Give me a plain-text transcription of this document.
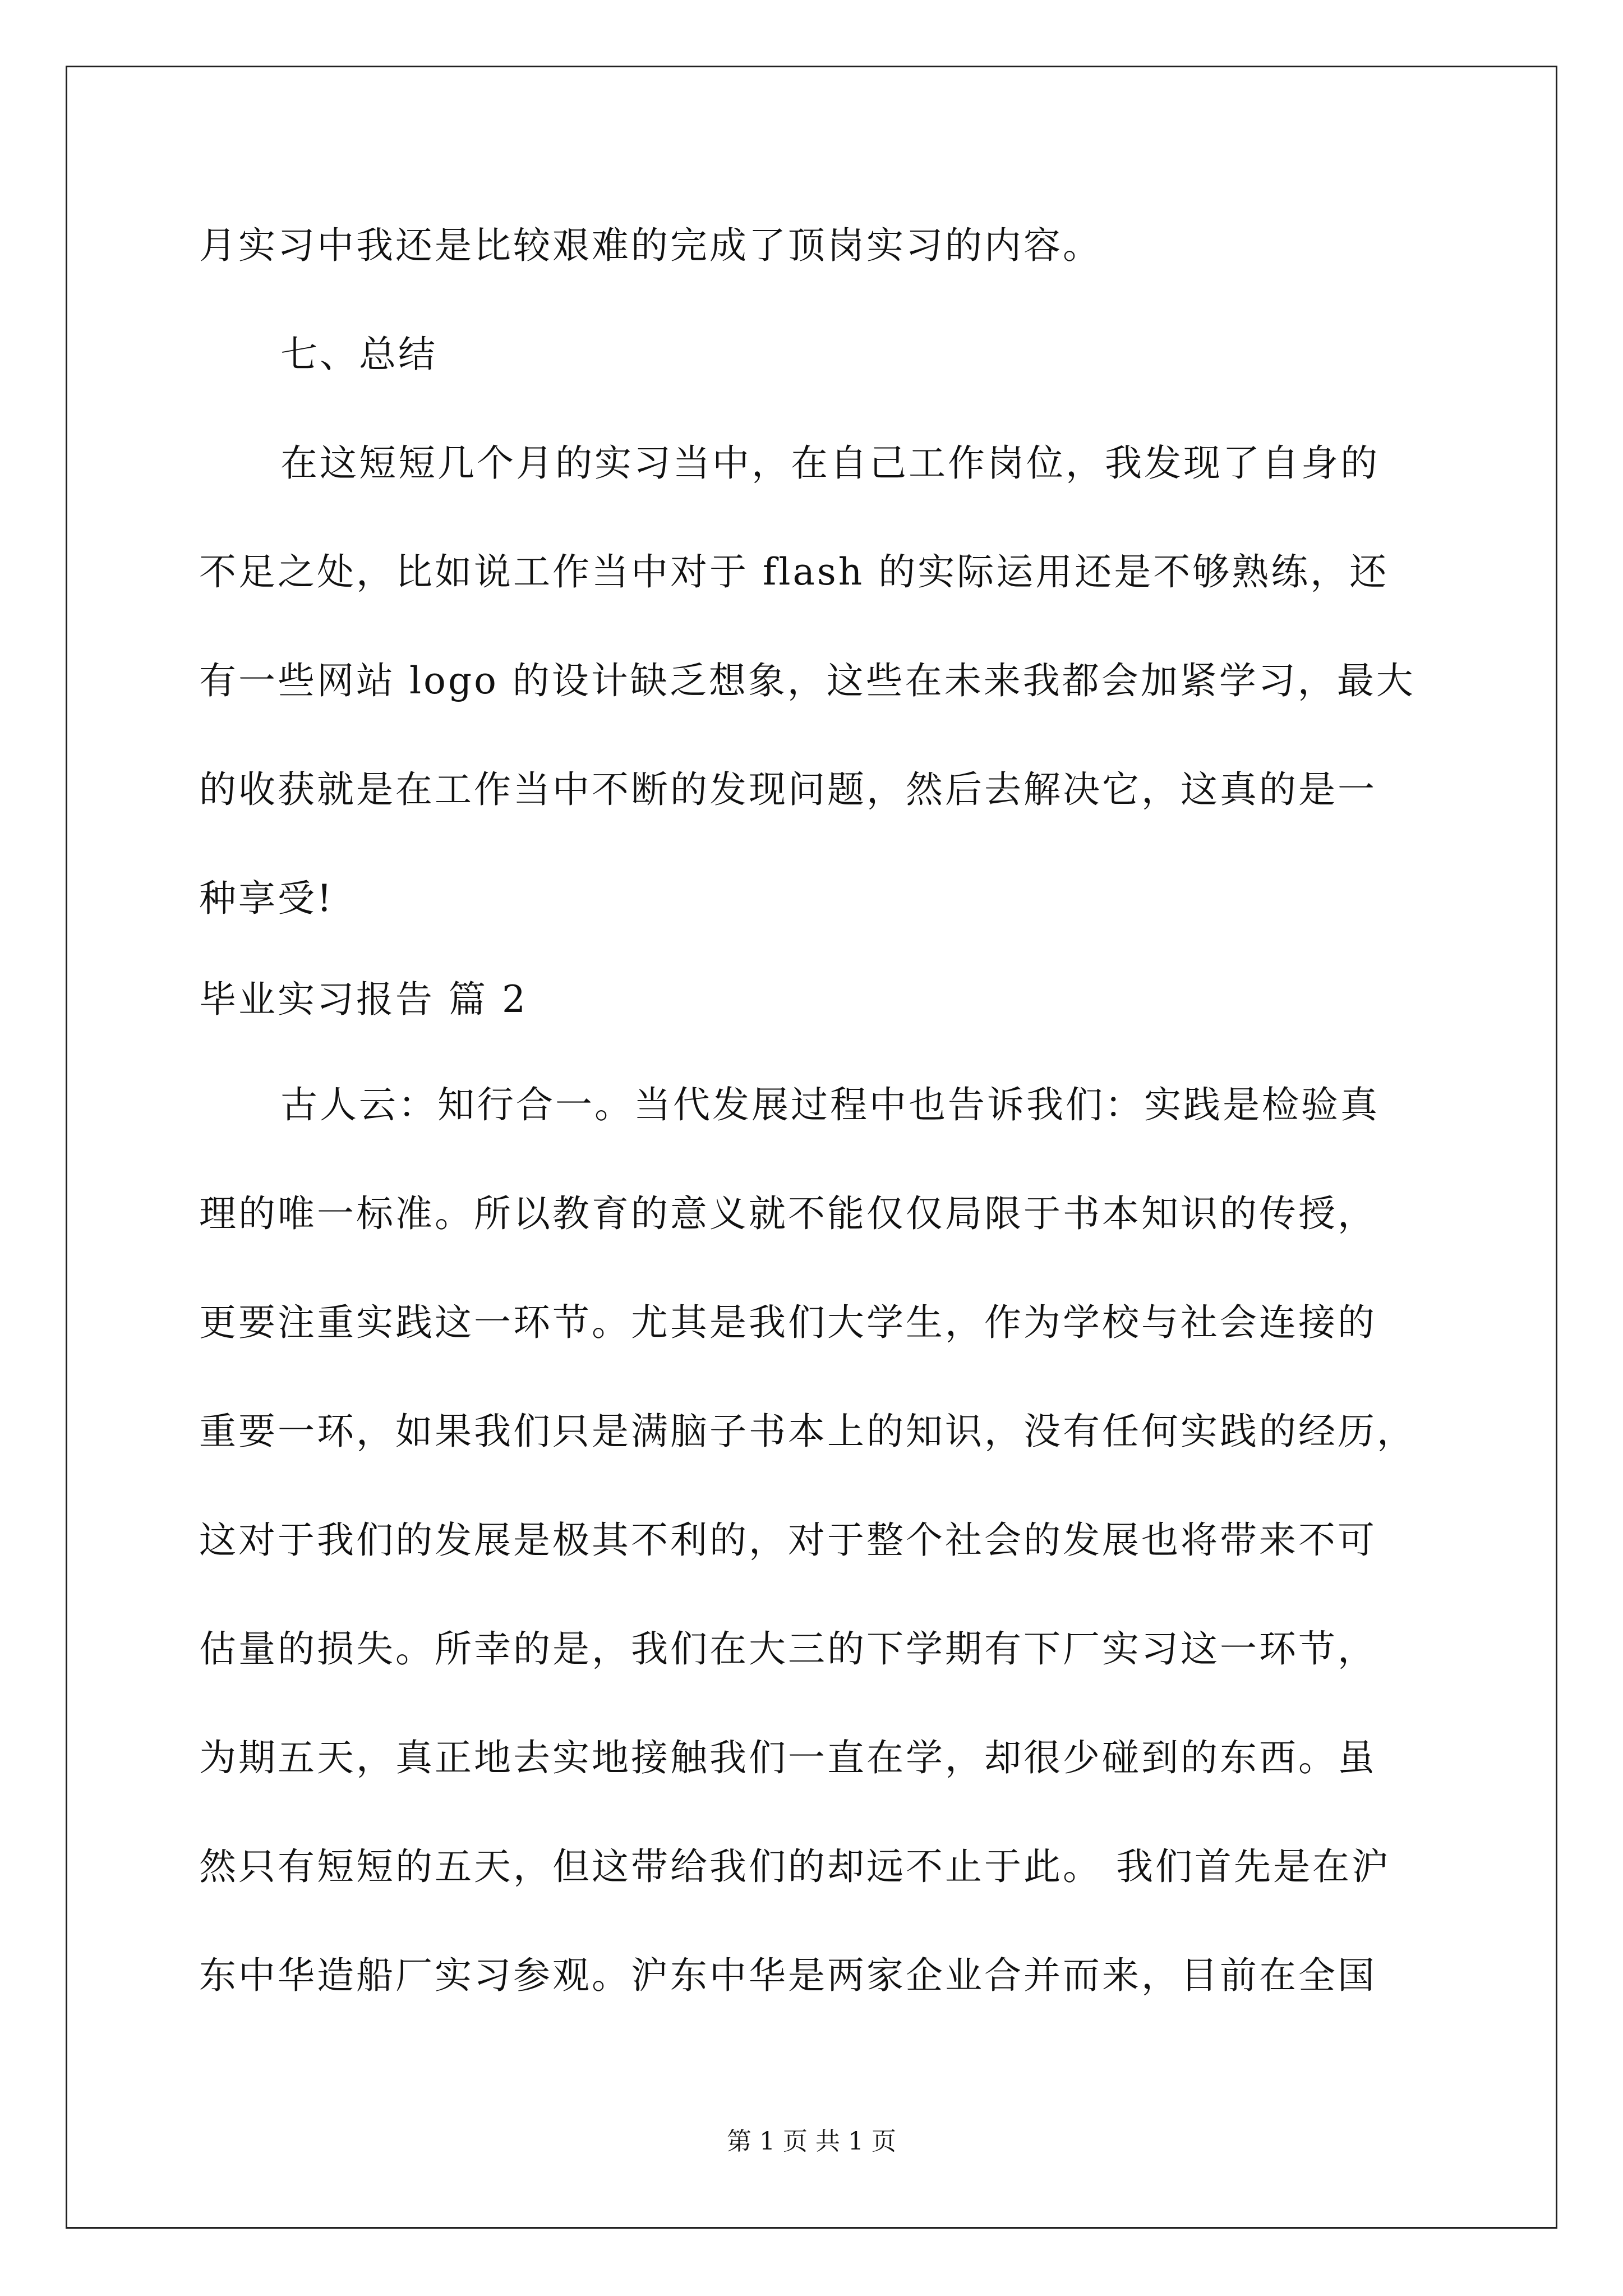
月实习中我还是比较艰难的完成了顶岗实习的内容。
七、总结
在这短短几个月的实习当中，在自己工作岗位，我发现了自身的
不足之处，比如说工作当中对于 flash 的实际运用还是不够熟练，还
有一些网站 logo 的设计缺乏想象，这些在未来我都会加紧学习，最大
的收获就是在工作当中不断的发现问题，然后去解决它，这真的是一
种享受!
毕业实习报告 篇 2
古人云：知行合一。当代发展过程中也告诉我们：实践是检验真
理的唯一标准。所以教育的意义就不能仅仅局限于书本知识的传授，
更要注重实践这一环节。尤其是我们大学生，作为学校与社会连接的
重要一环，如果我们只是满脑子书本上的知识，没有任何实践的经历，
这对于我们的发展是极其不利的，对于整个社会的发展也将带来不可
估量的损失。所幸的是，我们在大三的下学期有下厂实习这一环节，
为期五天，真正地去实地接触我们一直在学，却很少碰到的东西。虽
然只有短短的五天，但这带给我们的却远不止于此。 我们首先是在沪
东中华造船厂实习参观。沪东中华是两家企业合并而来，目前在全国
第 1 页 共 1 页
